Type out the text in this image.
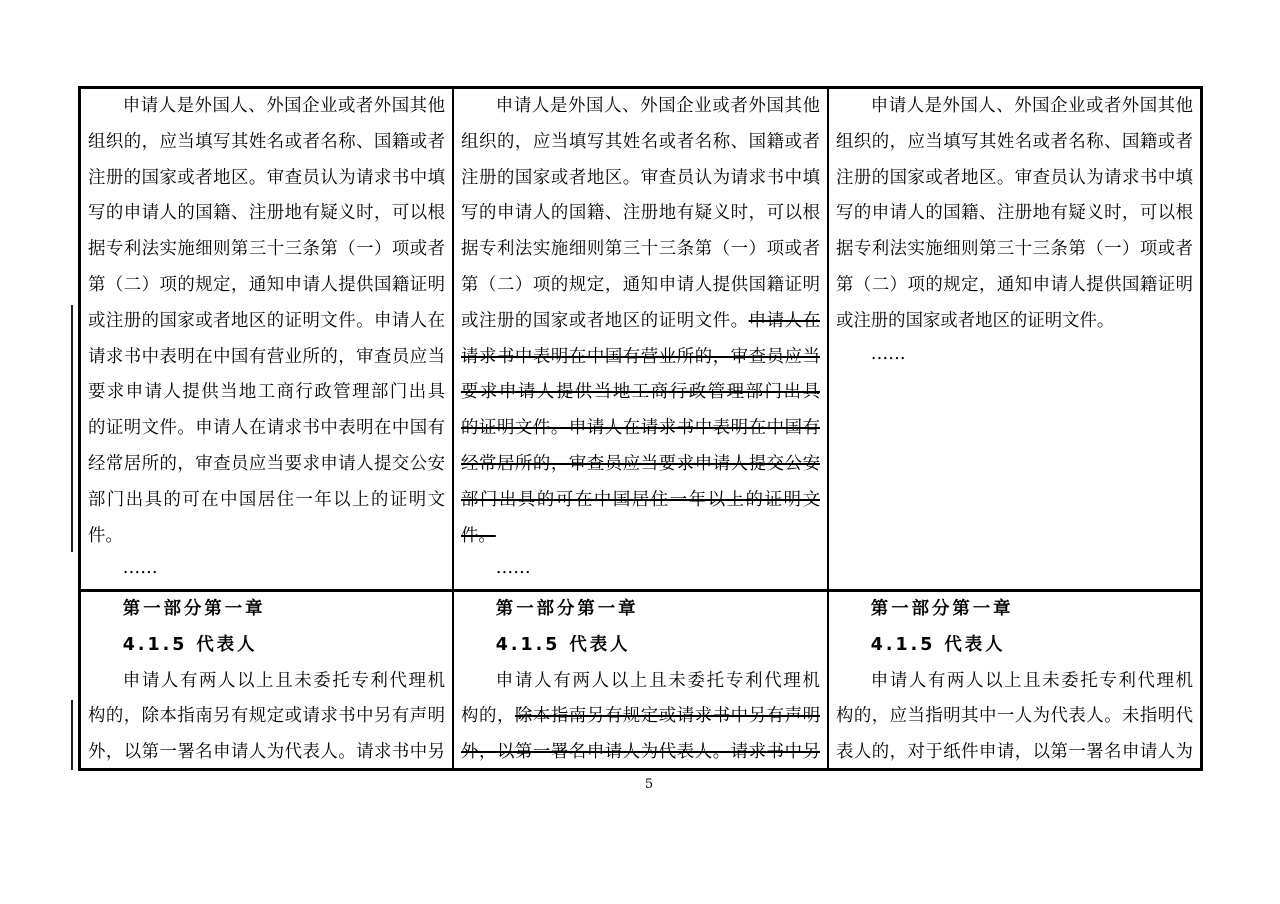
申请人是外国人、外国企业或者外国其他
组织的，应当填写其姓名或者名称、国籍或者
注册的国家或者地区。审查员认为请求书中填
写的申请人的国籍、注册地有疑义时，可以根
据专利法实施细则第三十三条第（一）项或者
第（二）项的规定，通知申请人提供国籍证明
或注册的国家或者地区的证明文件。申请人在
请求书中表明在中国有营业所的，审查员应当
要求申请人提供当地工商行政管理部门出具
的证明文件。申请人在请求书中表明在中国有
经常居所的，审查员应当要求申请人提交公安
部门出具的可在中国居住一年以上的证明文
件。
……
申请人是外国人、外国企业或者外国其他
组织的，应当填写其姓名或者名称、国籍或者
注册的国家或者地区。审查员认为请求书中填
写的申请人的国籍、注册地有疑义时，可以根
据专利法实施细则第三十三条第（一）项或者
第（二）项的规定，通知申请人提供国籍证明
或注册的国家或者地区的证明文件。申请人在
请求书中表明在中国有营业所的，审查员应当
要求申请人提供当地工商行政管理部门出具
的证明文件。申请人在请求书中表明在中国有
经常居所的，审查员应当要求申请人提交公安
部门出具的可在中国居住一年以上的证明文
件。
……
申请人是外国人、外国企业或者外国其他
组织的，应当填写其姓名或者名称、国籍或者
注册的国家或者地区。审查员认为请求书中填
写的申请人的国籍、注册地有疑义时，可以根
据专利法实施细则第三十三条第（一）项或者
第（二）项的规定，通知申请人提供国籍证明
或注册的国家或者地区的证明文件。
……
第一部分第一章
4.1.5 代表人
申请人有两人以上且未委托专利代理机
构的，除本指南另有规定或请求书中另有声明
外，以第一署名申请人为代表人。请求书中另
第一部分第一章
4.1.5 代表人
申请人有两人以上且未委托专利代理机
构的，除本指南另有规定或请求书中另有声明
外，以第一署名申请人为代表人。请求书中另
第一部分第一章
4.1.5 代表人
申请人有两人以上且未委托专利代理机
构的，应当指明其中一人为代表人。未指明代
表人的，对于纸件申请，以第一署名申请人为
5
